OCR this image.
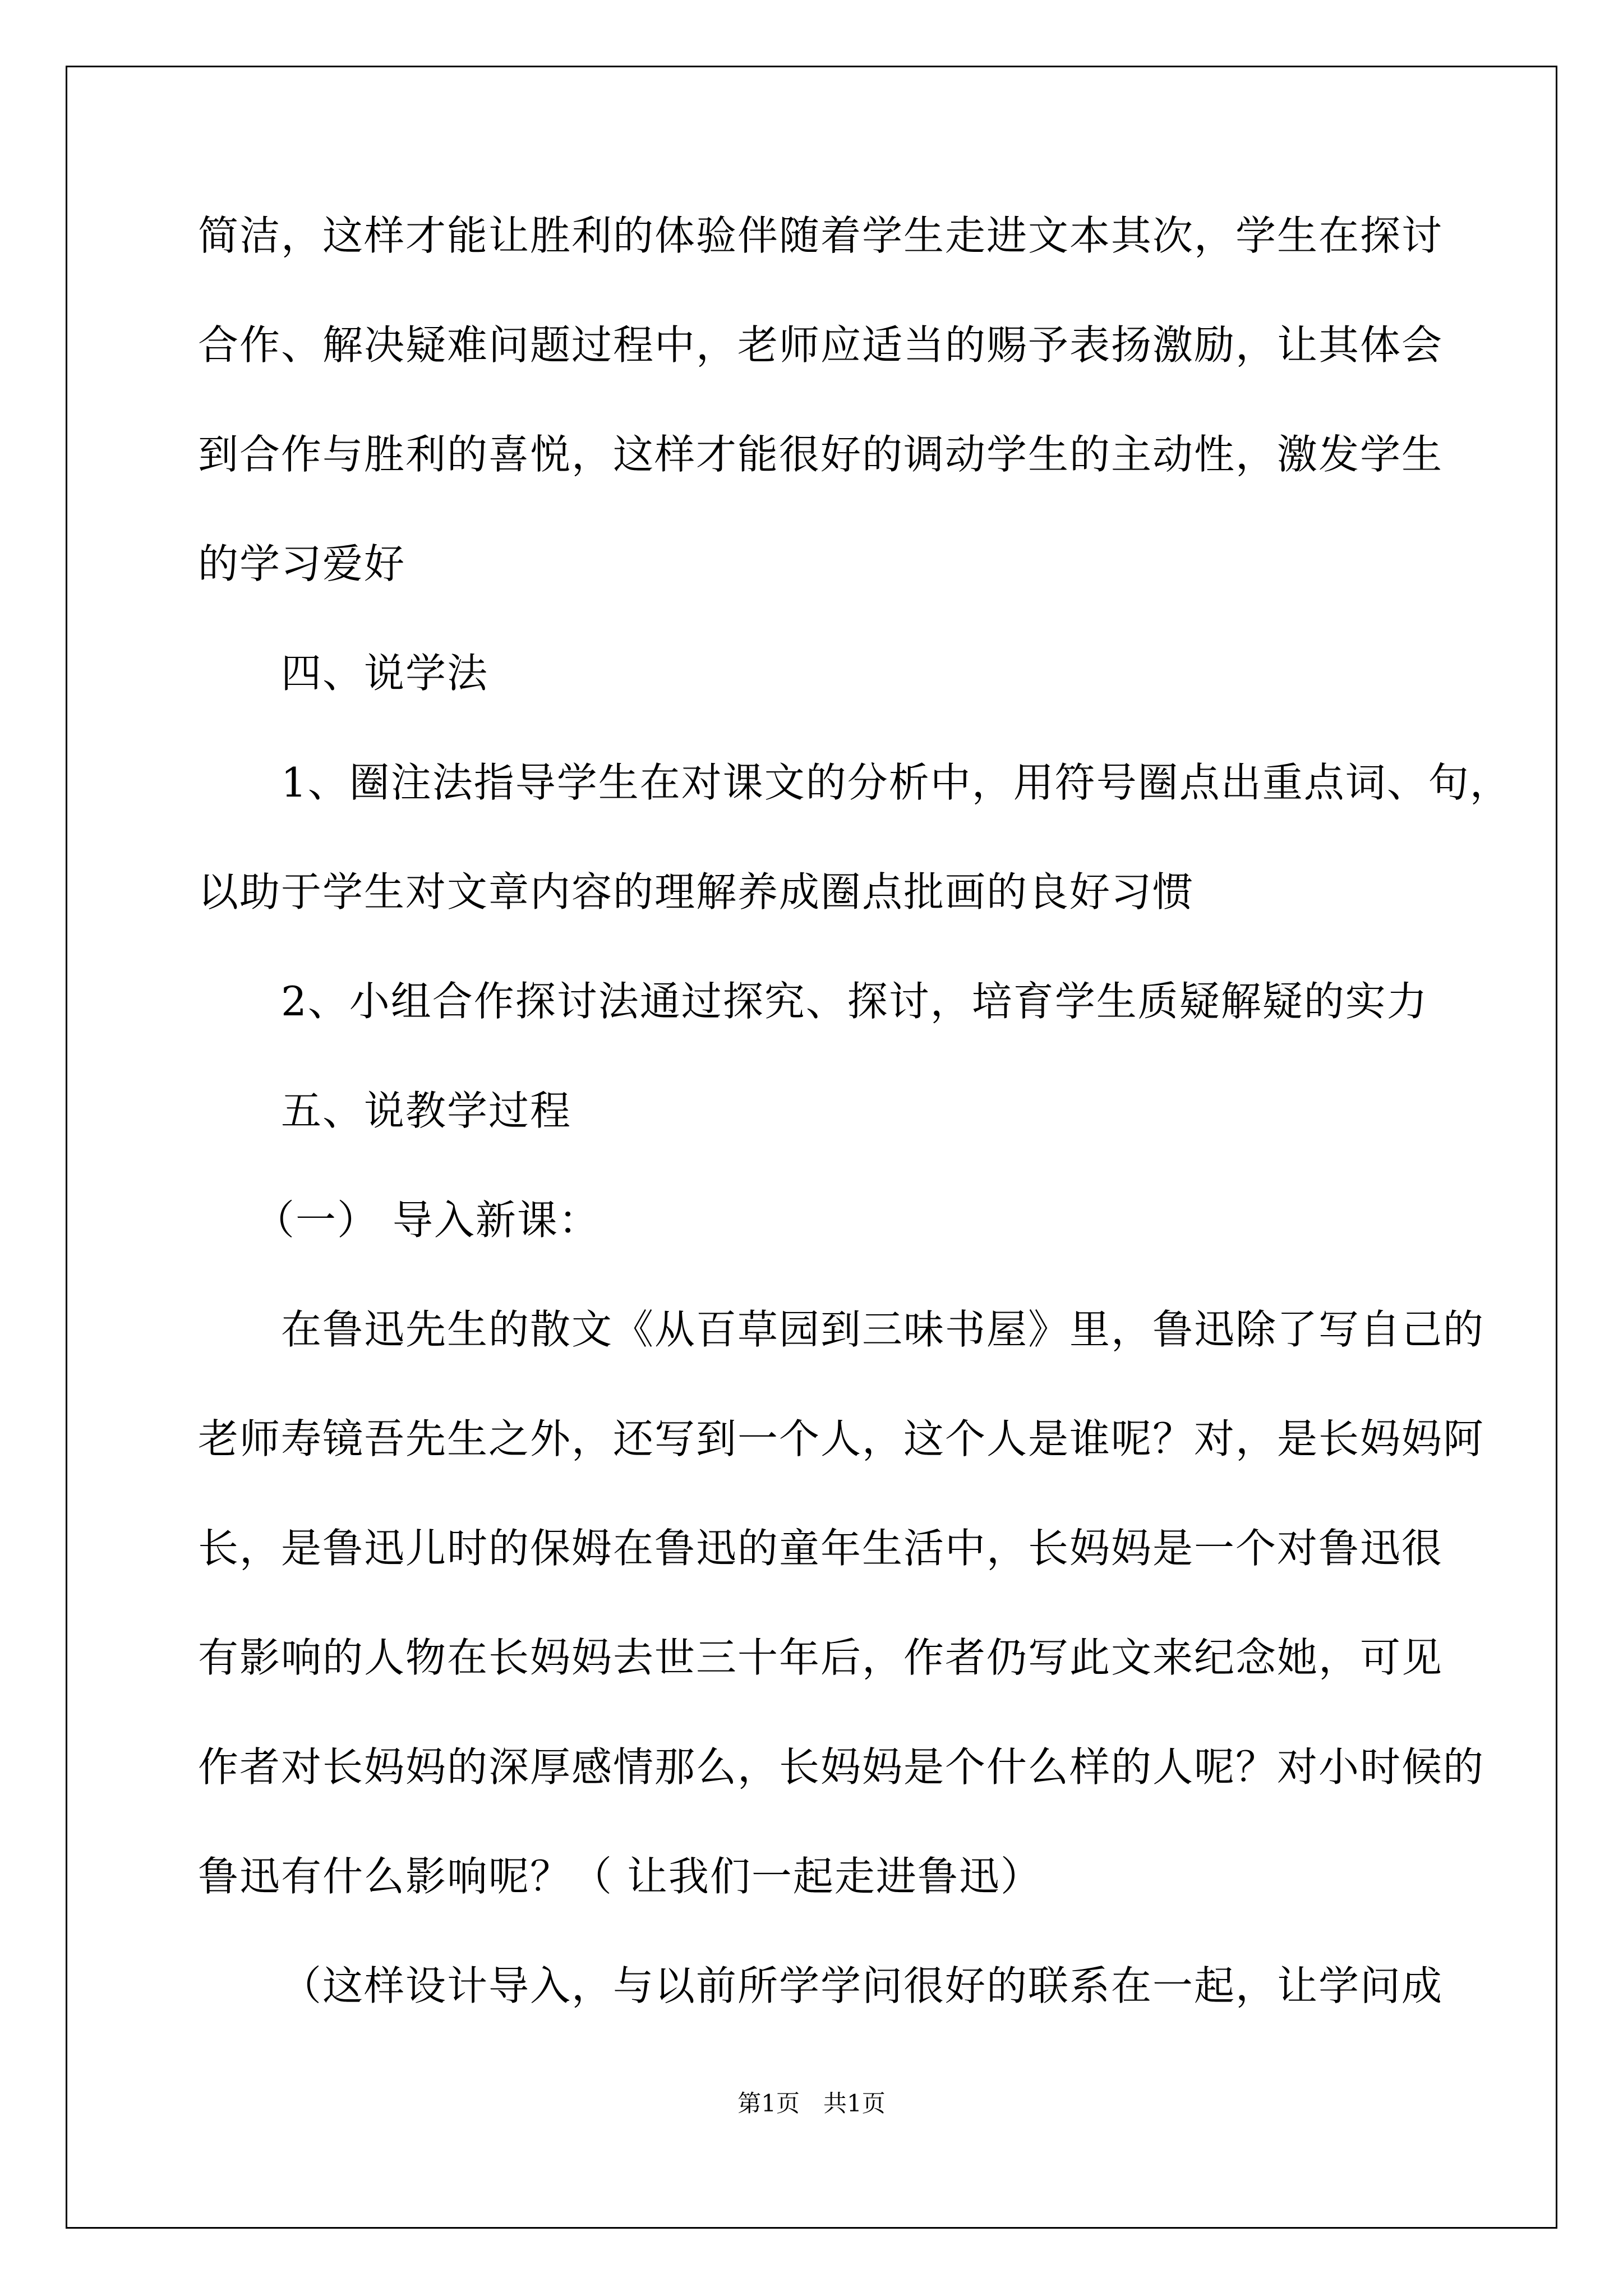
简洁，这样才能让胜利的体验伴随着学生走进文本其次，学生在探讨
合作、解决疑难问题过程中，老师应适当的赐予表扬激励，让其体会
到合作与胜利的喜悦，这样才能很好的调动学生的主动性，激发学生
的学习爱好
四、说学法
1、圈注法指导学生在对课文的分析中，用符号圈点出重点词、句，
以助于学生对文章内容的理解养成圈点批画的良好习惯
2、小组合作探讨法通过探究、探讨，培育学生质疑解疑的实力
五、说教学过程
（一） 导入新课：
在鲁迅先生的散文《从百草园到三味书屋》里，鲁迅除了写自己的
老师寿镜吾先生之外，还写到一个人，这个人是谁呢？对，是长妈妈阿
长，是鲁迅儿时的保姆在鲁迅的童年生活中，长妈妈是一个对鲁迅很
有影响的人物在长妈妈去世三十年后，作者仍写此文来纪念她，可见
作者对长妈妈的深厚感情那么，长妈妈是个什么样的人呢？对小时候的
鲁迅有什么影响呢？（ 让我们一起走进鲁迅）
（这样设计导入，与以前所学学问很好的联系在一起，让学问成
第1页　共1页
